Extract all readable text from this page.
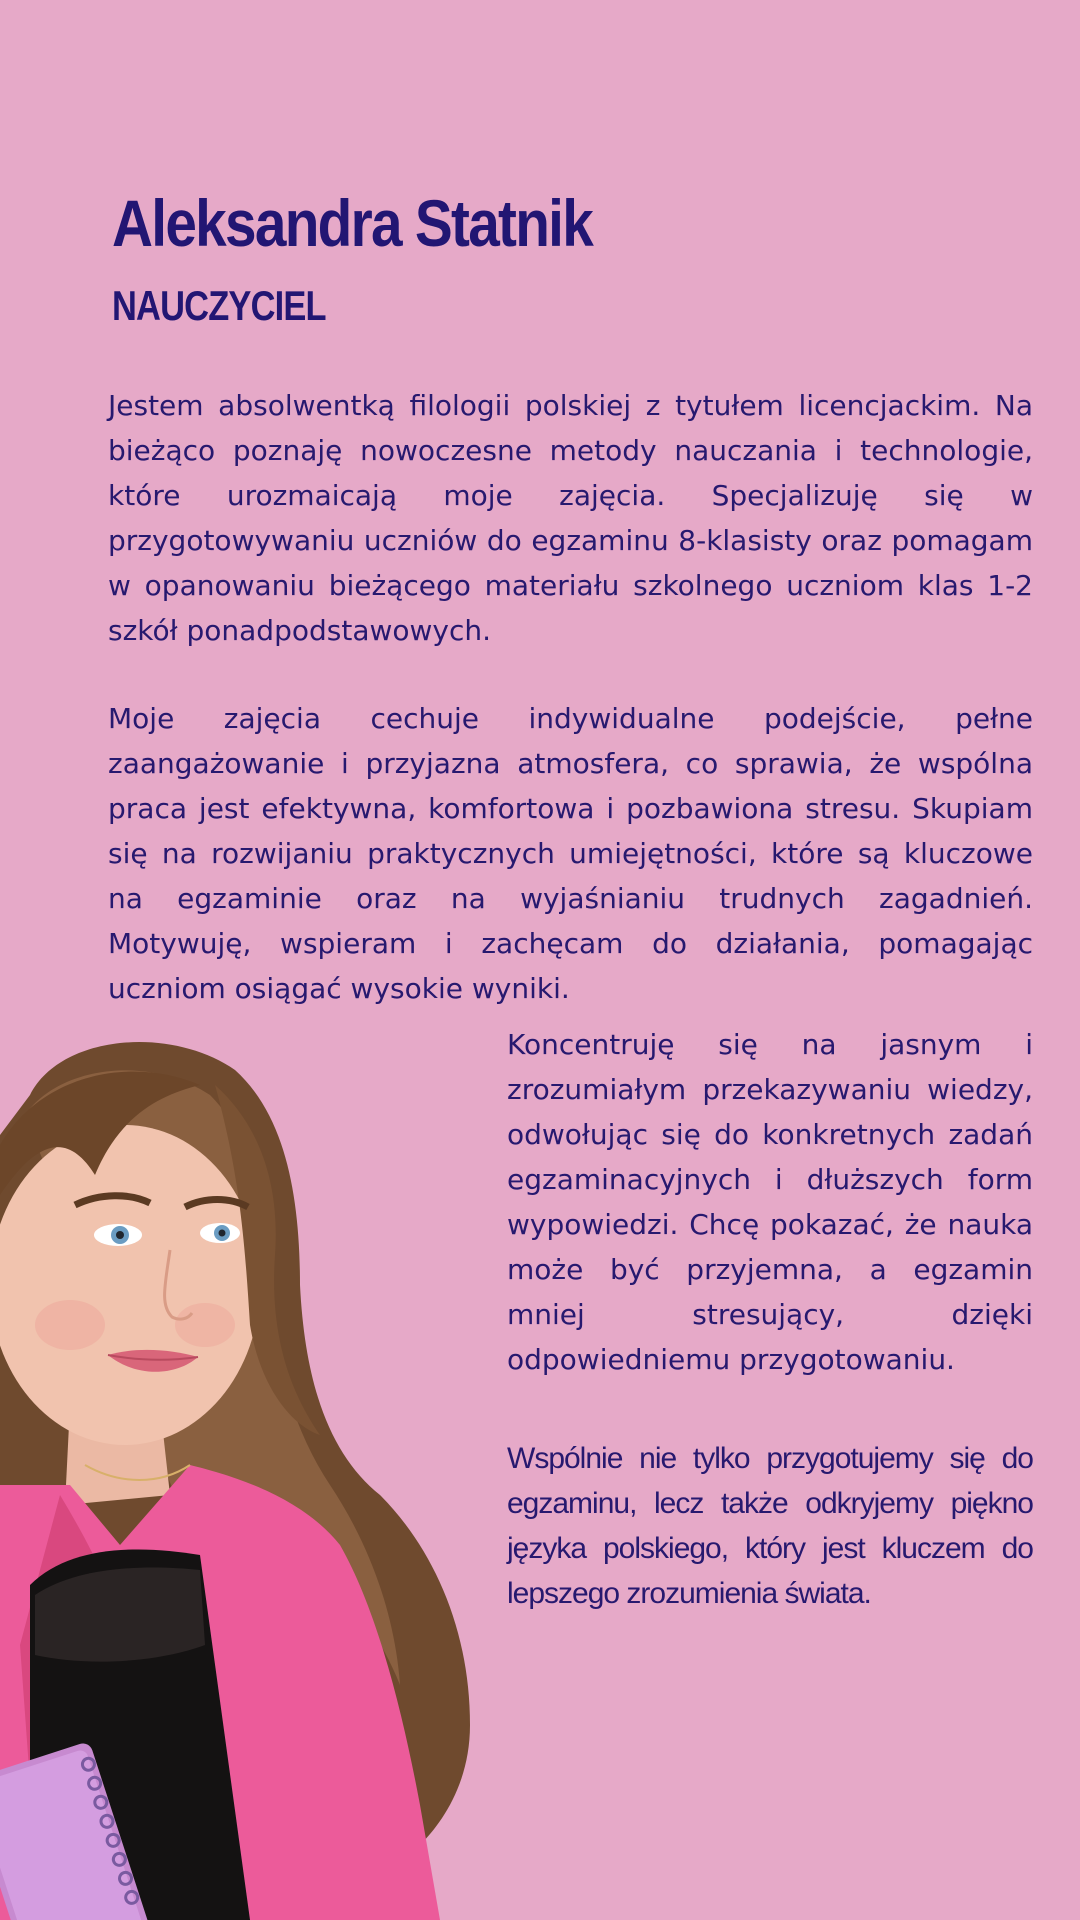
Aleksandra Statnik
NAUCZYCIEL

Jestem absolwentką filologii polskiej z tytułem licencjackim. Na bieżąco poznaję nowoczesne metody nauczania i technologie, które urozmaicają moje zajęcia. Specjalizuję się w przygotowywaniu uczniów do egzaminu 8-klasisty oraz pomagam w opanowaniu bieżącego materiału szkolnego uczniom klas 1-2 szkół ponadpodstawowych.

Moje zajęcia cechuje indywidualne podejście, pełne zaangażowanie i przyjazna atmosfera, co sprawia, że wspólna praca jest efektywna, komfortowa i pozbawiona stresu. Skupiam się na rozwijaniu praktycznych umiejętności, które są kluczowe na egzaminie oraz na wyjaśnianiu trudnych zagadnień. Motywuję, wspieram i zachęcam do działania, pomagając uczniom osiągać wysokie wyniki.

Koncentruję się na jasnym i zrozumiałym przekazywaniu wiedzy, odwołując się do konkretnych zadań egzaminacyjnych i dłuższych form wypowiedzi. Chcę pokazać, że nauka może być przyjemna, a egzamin mniej stresujący, dzięki odpowiedniemu przygotowaniu.

Wspólnie nie tylko przygotujemy się do egzaminu, lecz także odkryjemy piękno języka polskiego, który jest kluczem do lepszego zrozumienia świata.
